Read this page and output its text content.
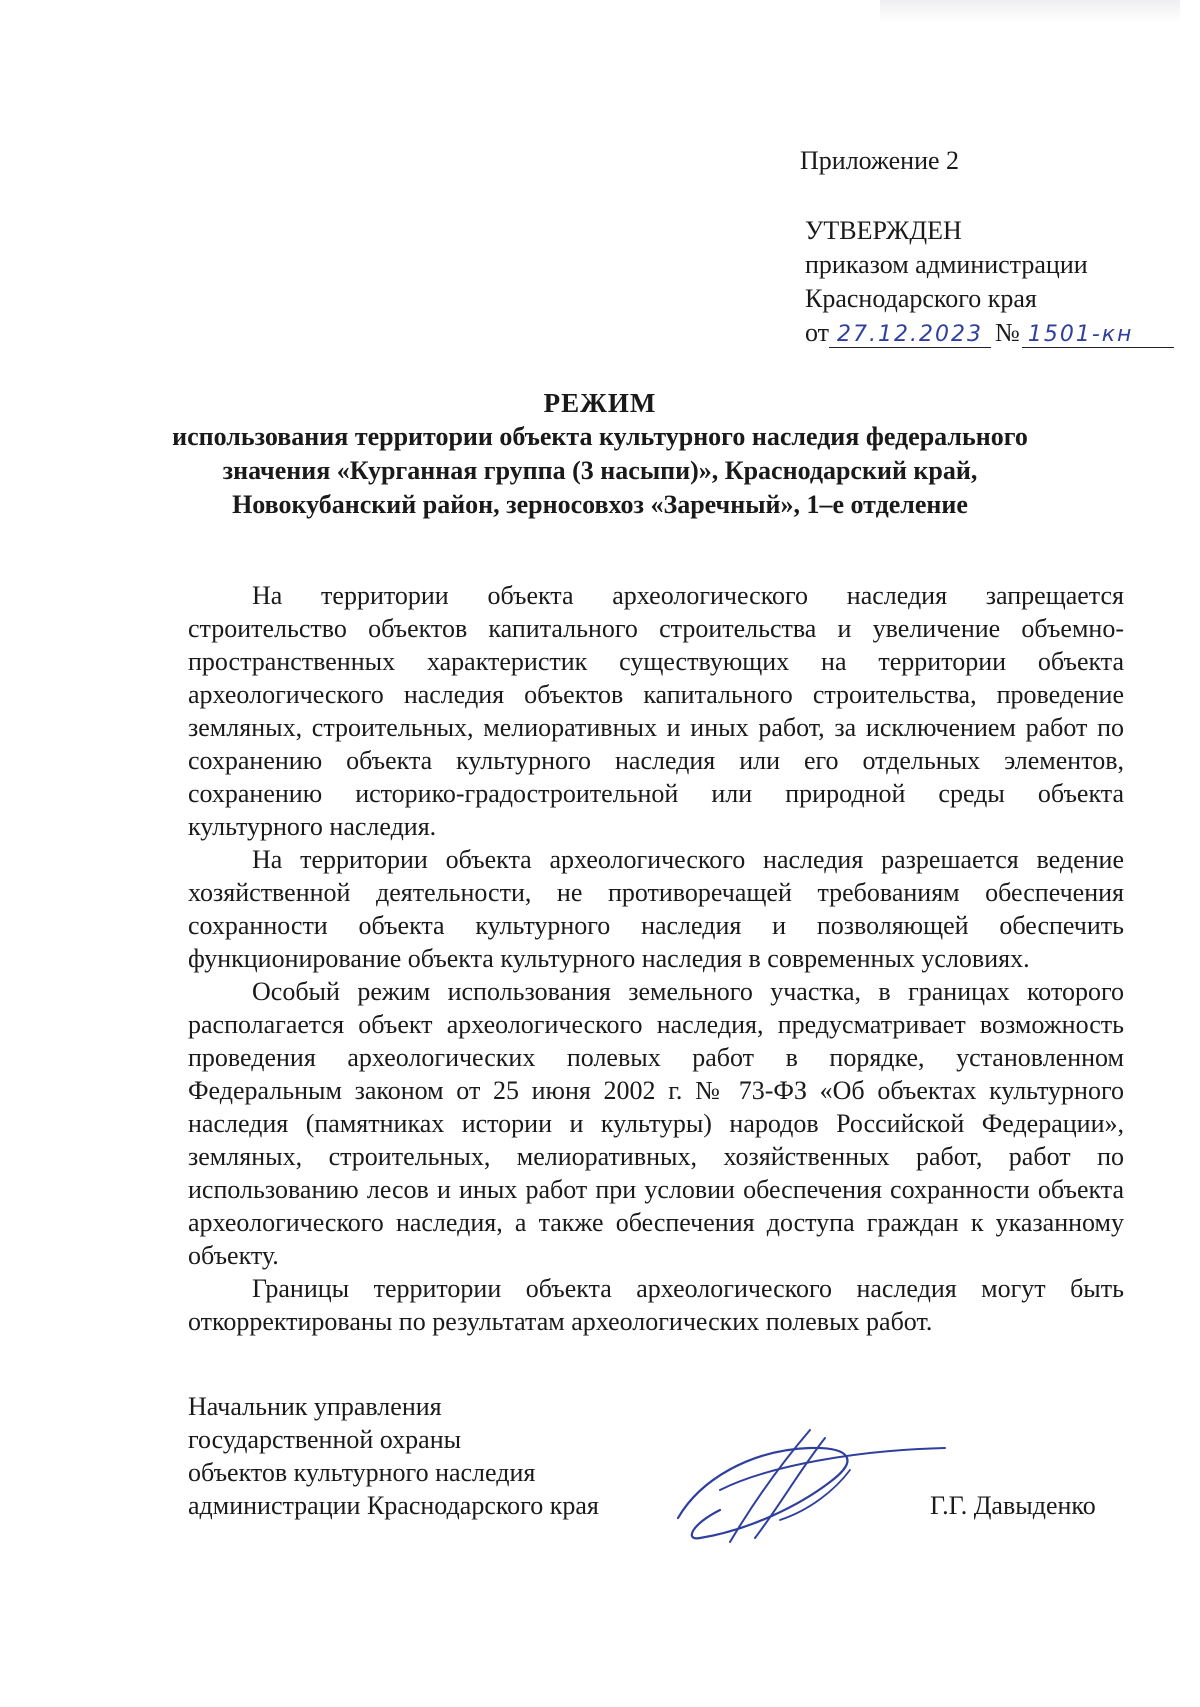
Приложение 2
УТВЕРЖДЕН
приказом администрации
Краснодарского края
от 27.12.2023 № 1501-кн
РЕЖИМ
использования территории объекта культурного наследия федерального
значения «Курганная группа (3 насыпи)», Краснодарский край,
Новокубанский район, зерносовхоз «Заречный», 1–е отделение

На территории объекта археологического наследия запрещается строительство объектов капитального строительства и увеличение объемно-пространственных характеристик существующих на территории объекта археологического наследия объектов капитального строительства, проведение земляных, строительных, мелиоративных и иных работ, за исключением работ по сохранению объекта культурного наследия или его отдельных элементов, сохранению историко-градостроительной или природной среды объекта культурного наследия.

На территории объекта археологического наследия разрешается ведение хозяйственной деятельности, не противоречащей требованиям обеспечения сохранности объекта культурного наследия и позволяющей обеспечить функционирование объекта культурного наследия в современных условиях.

Особый режим использования земельного участка, в границах которого располагается объект археологического наследия, предусматривает возможность проведения археологических полевых работ в порядке, установленном Федеральным законом от 25 июня 2002 г. № 73-ФЗ «Об объектах культурного наследия (памятниках истории и культуры) народов Российской Федерации», земляных, строительных, мелиоративных, хозяйственных работ, работ по использованию лесов и иных работ при условии обеспечения сохранности объекта археологического наследия, а также обеспечения доступа граждан к указанному объекту.

Границы территории объекта археологического наследия могут быть откорректированы по результатам археологических полевых работ.

Начальник управления
государственной охраны
объектов культурного наследия
администрации Краснодарского края	Г.Г. Давыденко
